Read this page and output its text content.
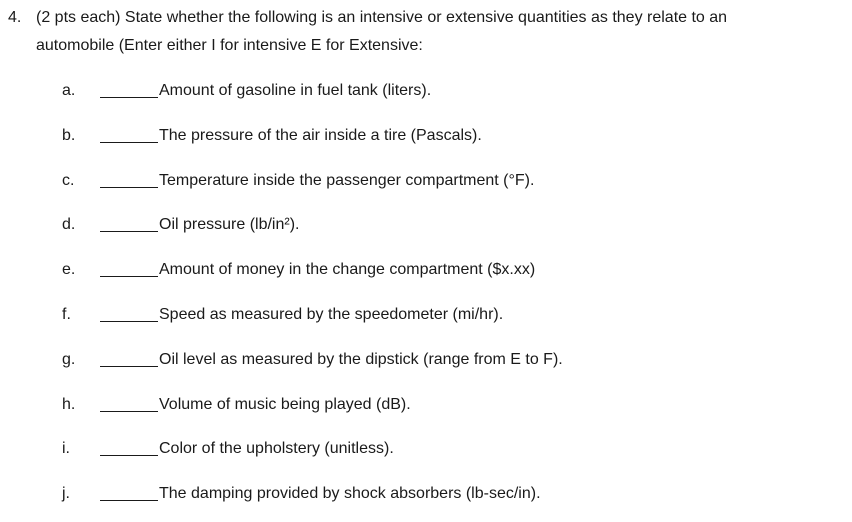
4. (2 pts each) State whether the following is an intensive or extensive quantities as they relate to an
automobile (Enter either I for intensive E for Extensive:
a.	Amount of gasoline in fuel tank (liters).
b.	The pressure of the air inside a tire (Pascals).
c.	Temperature inside the passenger compartment (°F).
d.	Oil pressure (lb/in²).
e.	Amount of money in the change compartment ($x.xx)
f.	Speed as measured by the speedometer (mi/hr).
g.	Oil level as measured by the dipstick (range from E to F).
h.	Volume of music being played (dB).
i.	Color of the upholstery (unitless).
j.	The damping provided by shock absorbers (lb-sec/in).
